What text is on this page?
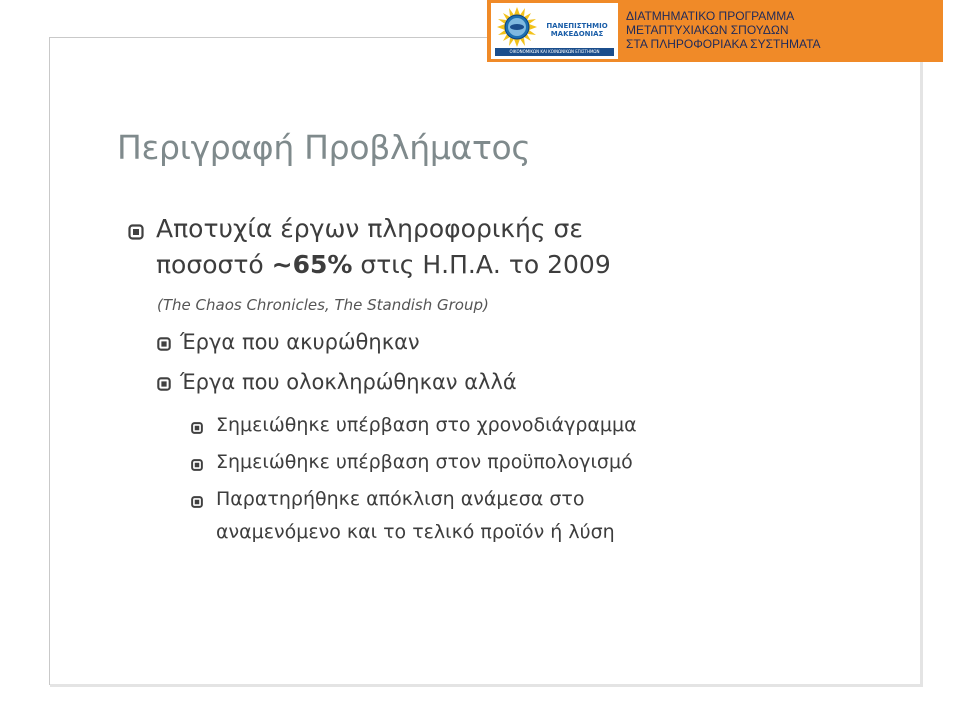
ΠΑΝΕΠΙΣΤΗΜΙΟ
ΜΑΚΕΔΟΝΙΑΣ
ΟΙΚΟΝΟΜΙΚΩΝ ΚΑΙ ΚΟΙΝΩΝΙΚΩΝ ΕΠΙΣΤΗΜΩΝ
ΔΙΑΤΜΗΜΑΤΙΚΟ ΠΡΟΓΡΑΜΜΑ
ΜΕΤΑΠΤΥΧΙΑΚΩΝ ΣΠΟΥΔΩΝ
ΣΤΑ ΠΛΗΡΟΦΟΡΙΑΚΑ ΣΥΣΤΗΜΑΤΑ
Περιγραφή Προβλήματος
Αποτυχία έργων πληροφορικής σε
ποσοστό ~65% στις Η.Π.Α. το 2009
(The Chaos Chronicles, The Standish Group)
Έργα που ακυρώθηκαν
Έργα που ολοκληρώθηκαν αλλά
Σημειώθηκε υπέρβαση στο χρονοδιάγραμμα
Σημειώθηκε υπέρβαση στον προϋπολογισμό
Παρατηρήθηκε απόκλιση ανάμεσα στο
αναμενόμενο και το τελικό προϊόν ή λύση
